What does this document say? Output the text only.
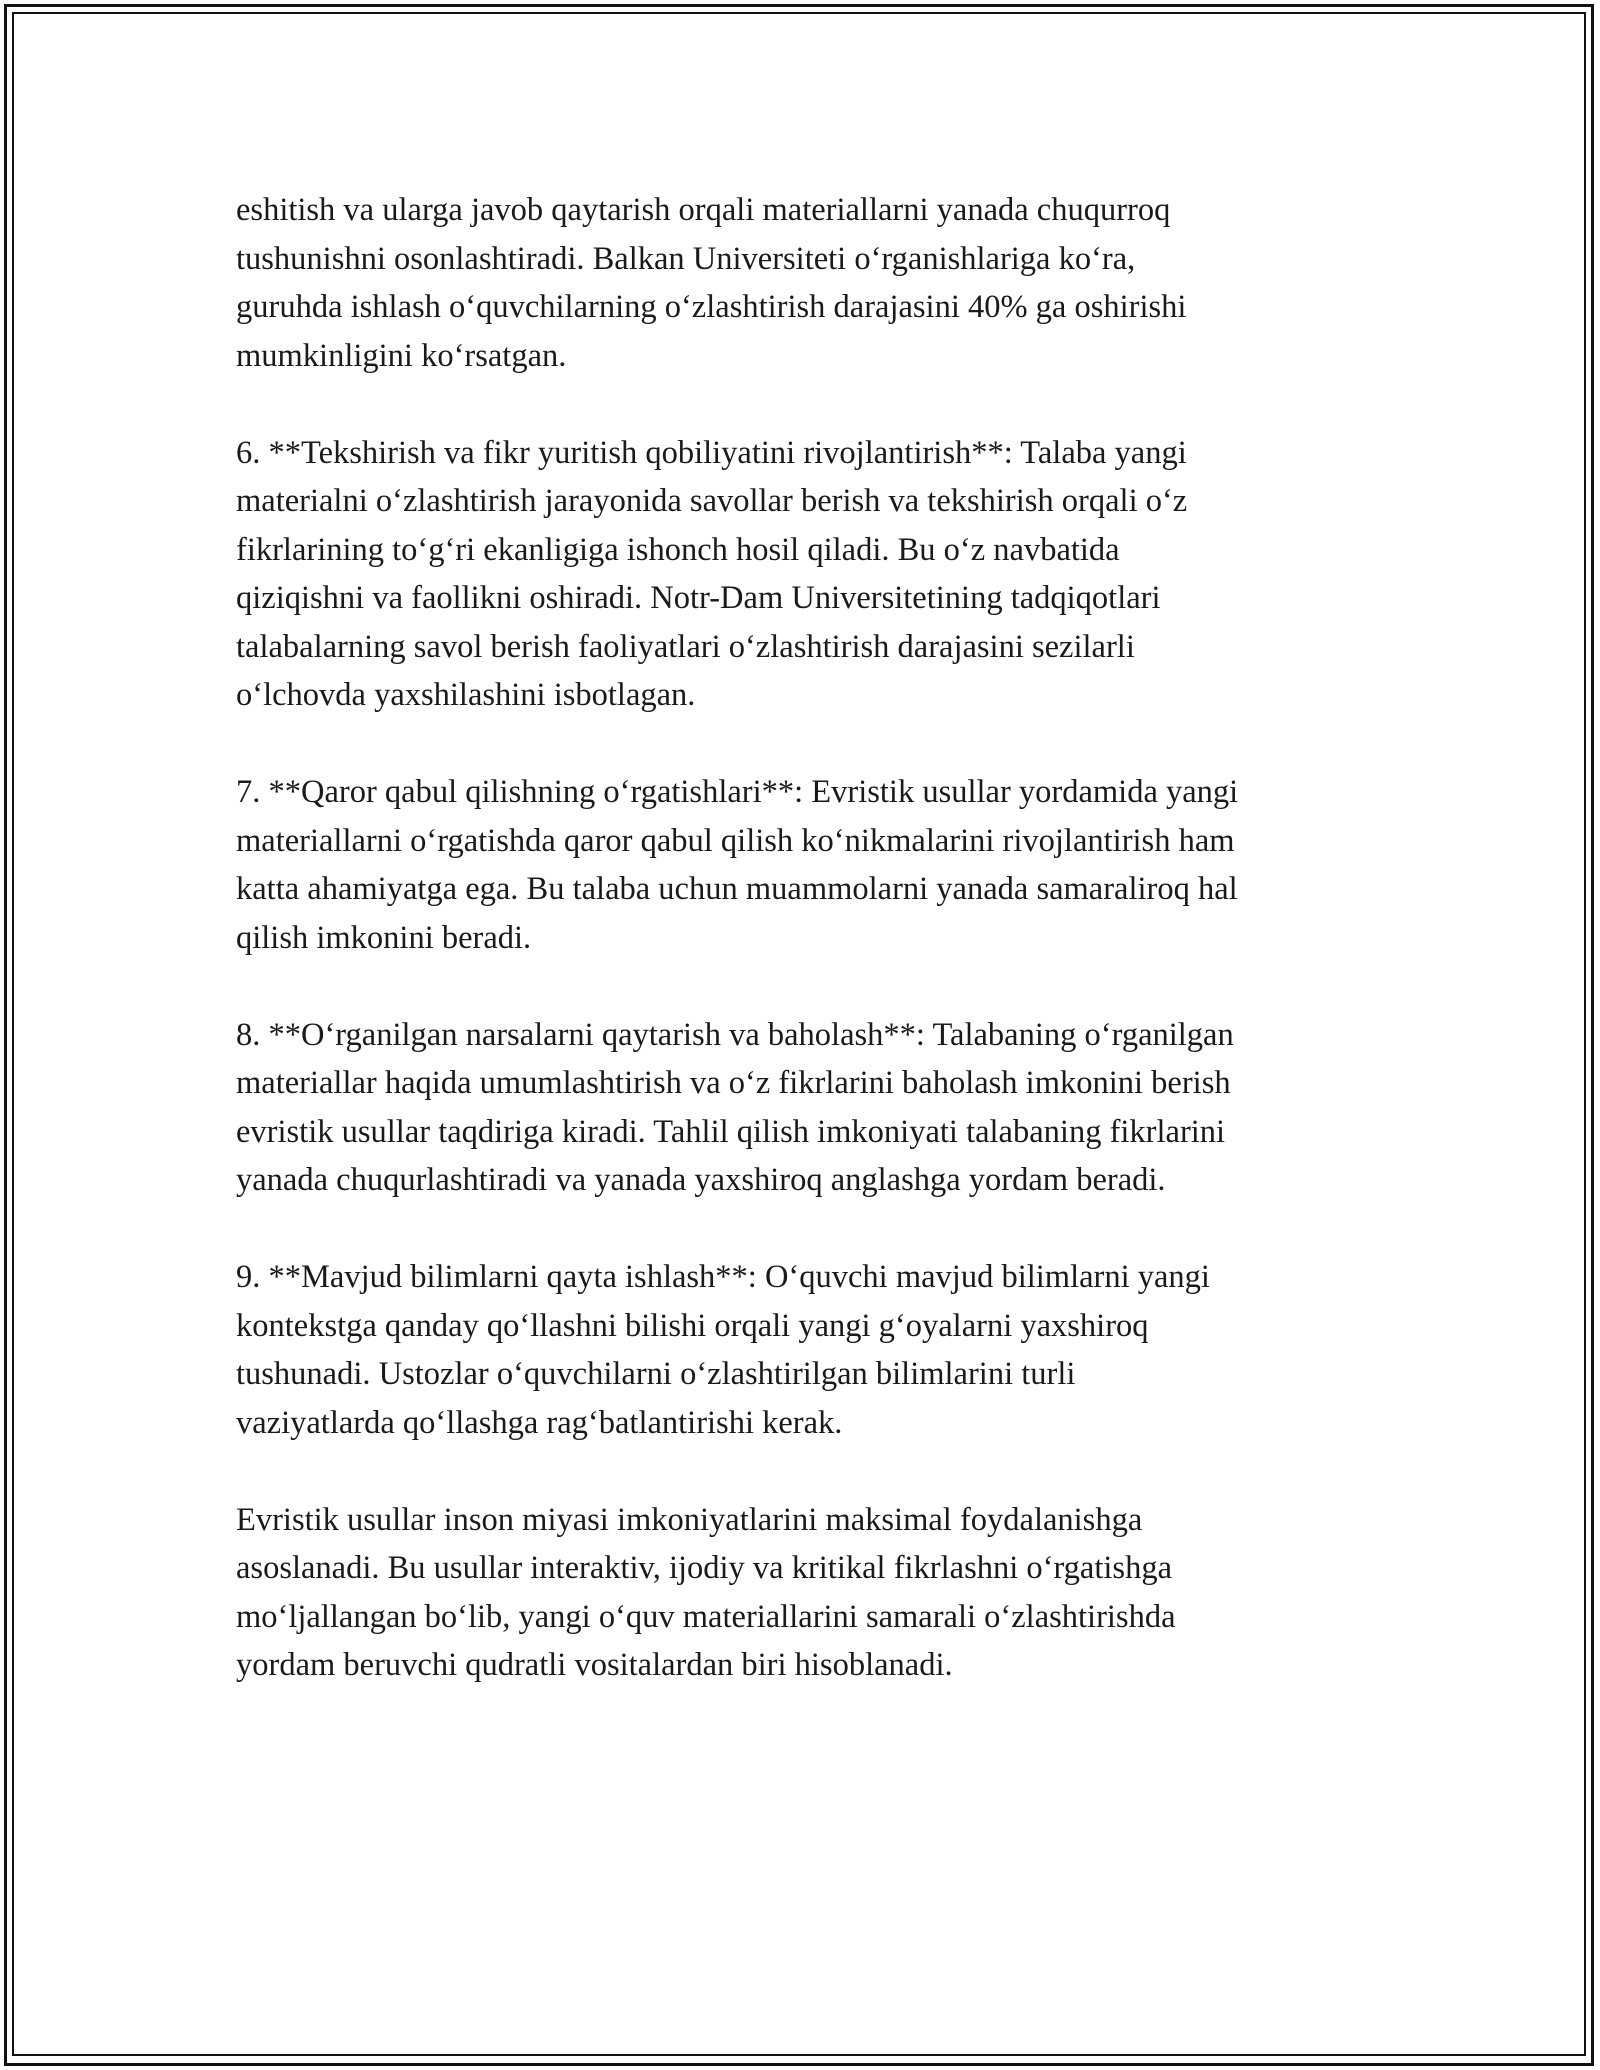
eshitish va ularga javob qaytarish orqali materiallarni yanada chuqurroq
tushunishni osonlashtiradi. Balkan Universiteti o‘rganishlariga ko‘ra,
guruhda ishlash o‘quvchilarning o‘zlashtirish darajasini 40% ga oshirishi
mumkinligini ko‘rsatgan.

6. **Tekshirish va fikr yuritish qobiliyatini rivojlantirish**: Talaba yangi
materialni o‘zlashtirish jarayonida savollar berish va tekshirish orqali o‘z
fikrlarining to‘g‘ri ekanligiga ishonch hosil qiladi. Bu o‘z navbatida
qiziqishni va faollikni oshiradi. Notr-Dam Universitetining tadqiqotlari
talabalarning savol berish faoliyatlari o‘zlashtirish darajasini sezilarli
o‘lchovda yaxshilashini isbotlagan.

7. **Qaror qabul qilishning o‘rgatishlari**: Evristik usullar yordamida yangi
materiallarni o‘rgatishda qaror qabul qilish ko‘nikmalarini rivojlantirish ham
katta ahamiyatga ega. Bu talaba uchun muammolarni yanada samaraliroq hal
qilish imkonini beradi.

8. **O‘rganilgan narsalarni qaytarish va baholash**: Talabaning o‘rganilgan
materiallar haqida umumlashtirish va o‘z fikrlarini baholash imkonini berish
evristik usullar taqdiriga kiradi. Tahlil qilish imkoniyati talabaning fikrlarini
yanada chuqurlashtiradi va yanada yaxshiroq anglashga yordam beradi.

9. **Mavjud bilimlarni qayta ishlash**: O‘quvchi mavjud bilimlarni yangi
kontekstga qanday qo‘llashni bilishi orqali yangi g‘oyalarni yaxshiroq
tushunadi. Ustozlar o‘quvchilarni o‘zlashtirilgan bilimlarini turli
vaziyatlarda qo‘llashga rag‘batlantirishi kerak.

Evristik usullar inson miyasi imkoniyatlarini maksimal foydalanishga
asoslanadi. Bu usullar interaktiv, ijodiy va kritikal fikrlashni o‘rgatishga
mo‘ljallangan bo‘lib, yangi o‘quv materiallarini samarali o‘zlashtirishda
yordam beruvchi qudratli vositalardan biri hisoblanadi.
